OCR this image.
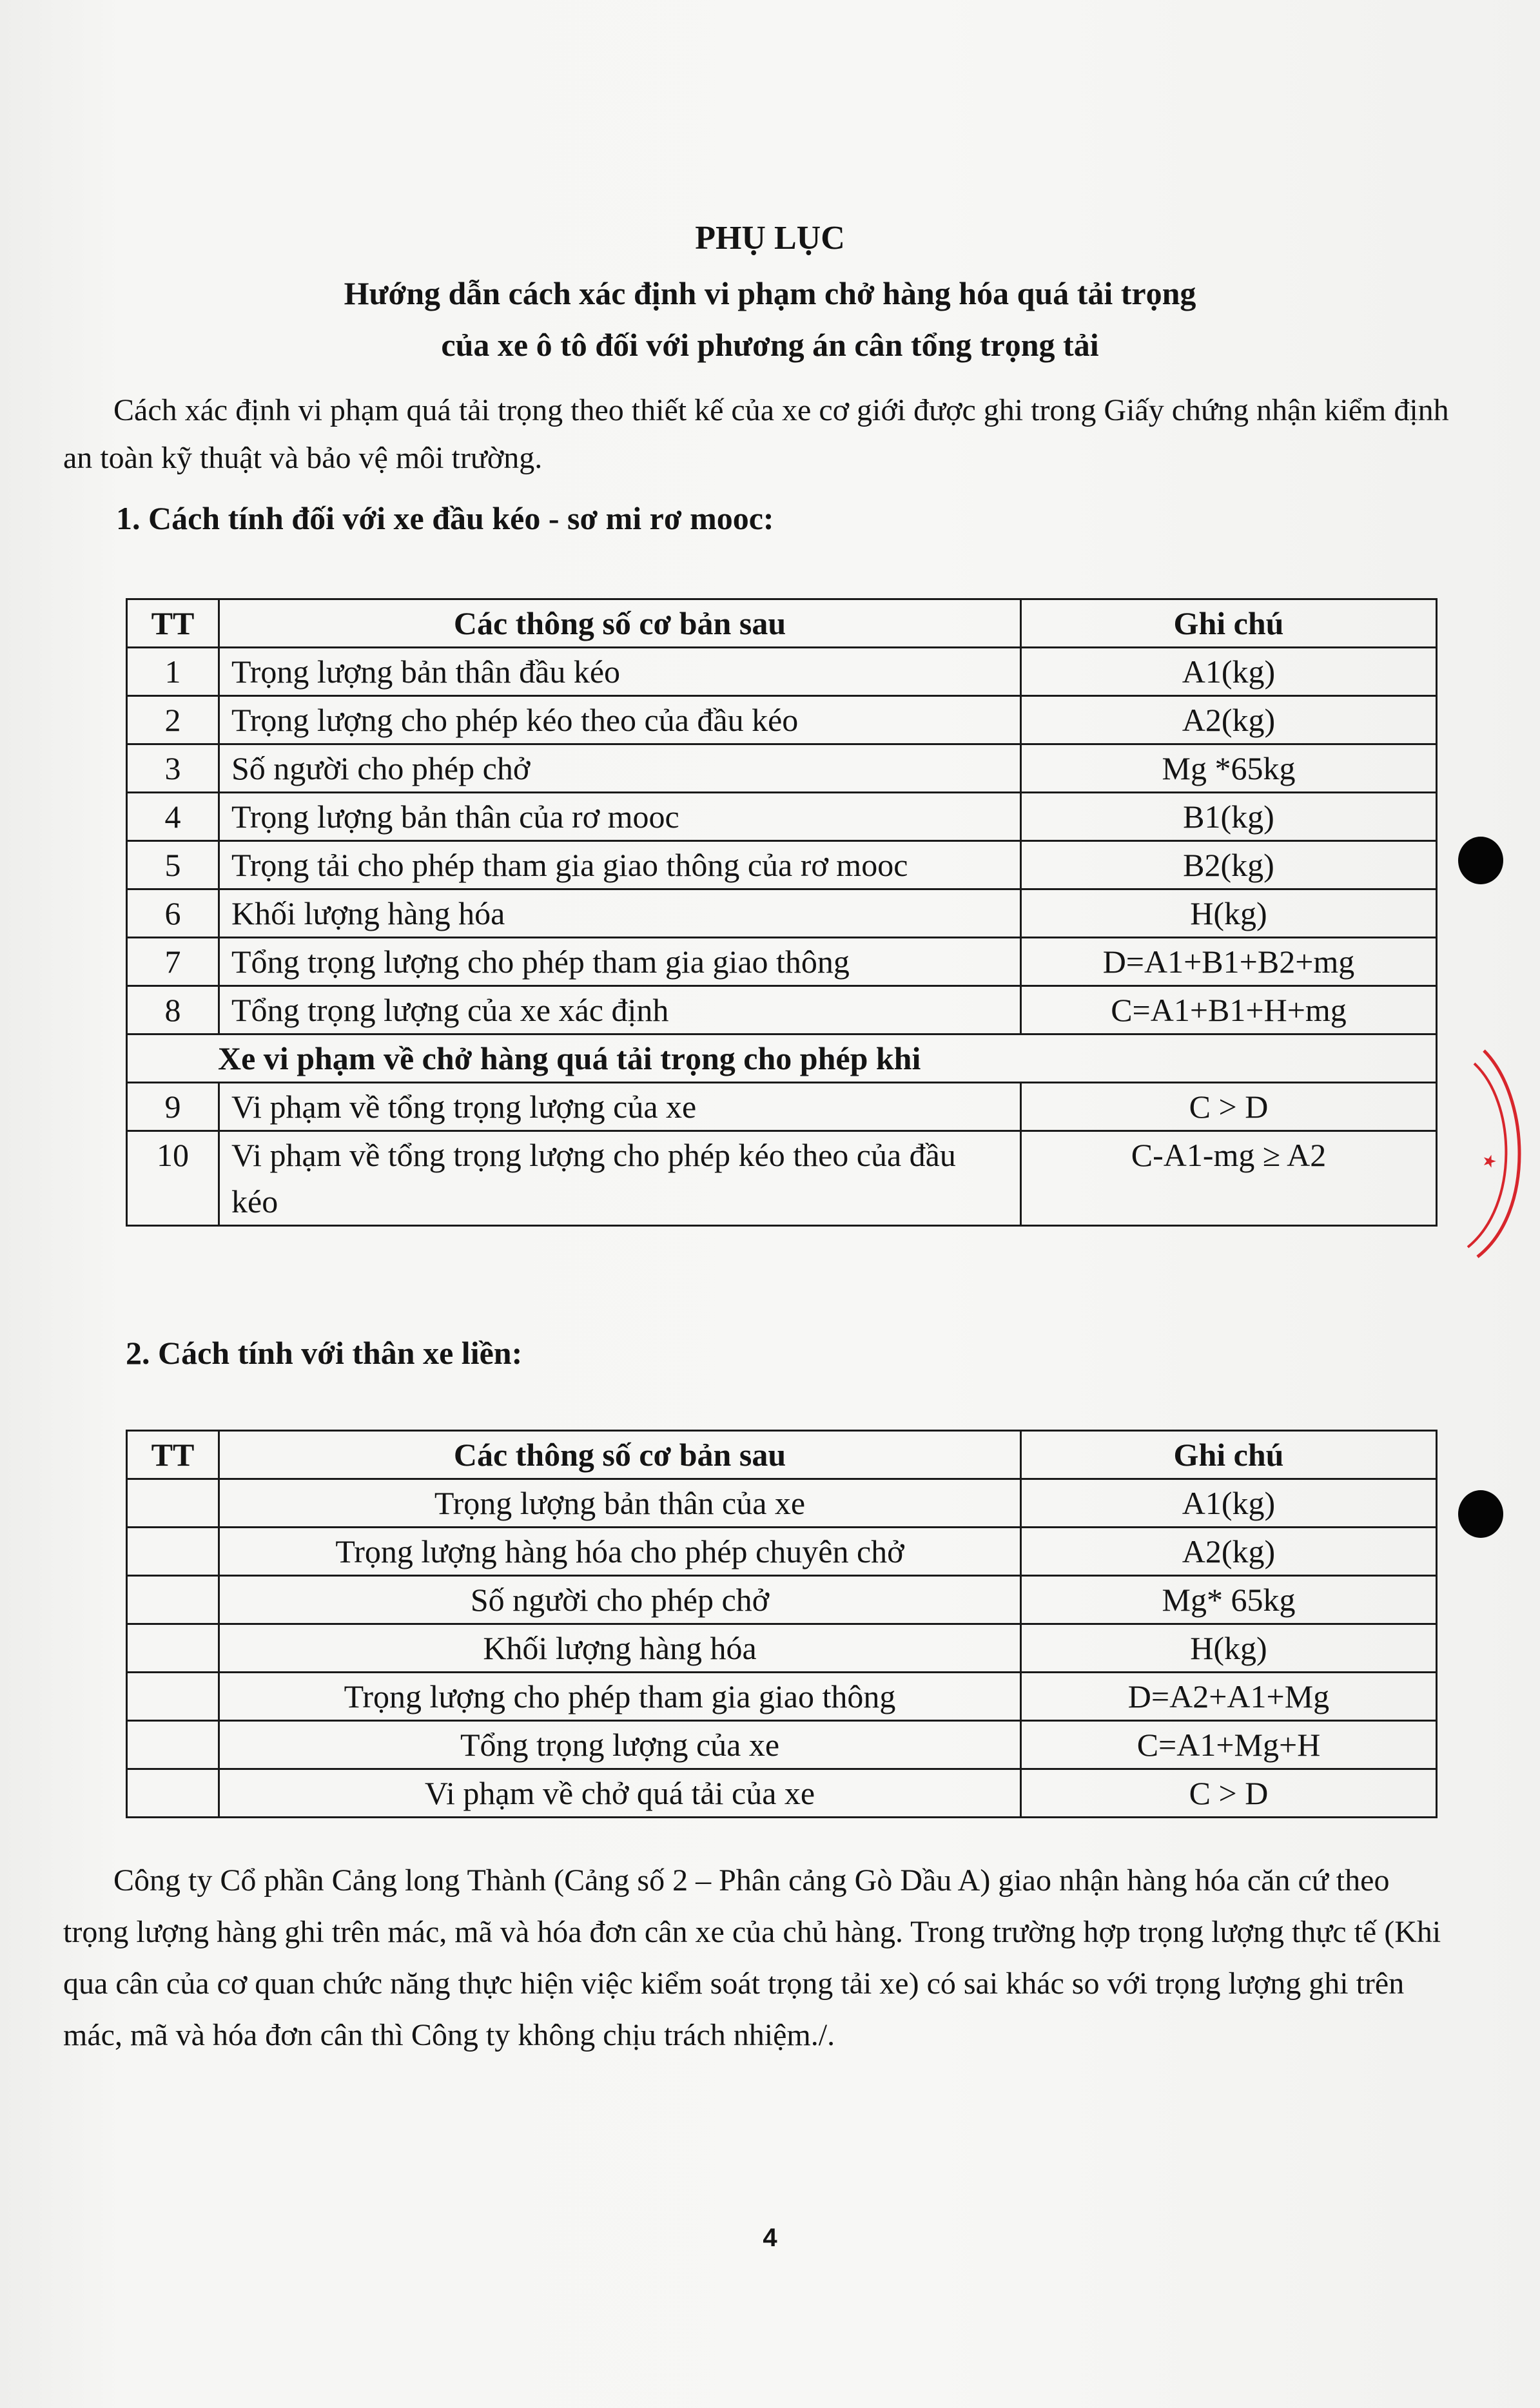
PHỤ LỤC
Hướng dẫn cách xác định vi phạm chở hàng hóa quá tải trọng
của xe ô tô đối với phương án cân tổng trọng tải
Cách xác định vi phạm quá tải trọng theo thiết kế của xe cơ giới được ghi trong Giấy chứng nhận kiểm định an toàn kỹ thuật và bảo vệ môi trường.
1. Cách tính đối với xe đầu kéo - sơ mi rơ mooc:
TT	Các thông số cơ bản sau	Ghi chú
1	Trọng lượng bản thân đầu kéo	A1(kg)
2	Trọng lượng cho phép kéo theo của đầu kéo	A2(kg)
3	Số người cho phép chở	Mg *65kg
4	Trọng lượng bản thân của rơ mooc	B1(kg)
5	Trọng tải cho phép tham gia giao thông của rơ mooc	B2(kg)
6	Khối lượng hàng hóa	H(kg)
7	Tổng trọng lượng cho phép tham gia giao thông	D=A1+B1+B2+mg
8	Tổng trọng lượng của xe xác định	C=A1+B1+H+mg
Xe vi phạm về chở hàng quá tải trọng cho phép khi		
9	Vi phạm về tổng trọng lượng của xe	C > D
10	Vi phạm về tổng trọng lượng cho phép kéo theo của đầu kéo	C-A1-mg ≥ A2
2. Cách tính với thân xe liền:
TT	Các thông số cơ bản sau	Ghi chú
	Trọng lượng bản thân của xe	A1(kg)
	Trọng lượng hàng hóa cho phép chuyên chở	A2(kg)
	Số người cho phép chở	Mg* 65kg
	Khối lượng hàng hóa	H(kg)
	Trọng lượng cho phép tham gia giao thông	D=A2+A1+Mg
	Tổng trọng lượng của xe	C=A1+Mg+H
	Vi phạm về chở quá tải của xe	C > D
Công ty Cổ phần Cảng long Thành (Cảng số 2 – Phân cảng Gò Dầu A) giao nhận hàng hóa căn cứ theo trọng lượng hàng ghi trên mác, mã và hóa đơn cân xe của chủ hàng. Trong trường hợp trọng lượng thực tế (Khi qua cân của cơ quan chức năng thực hiện việc kiểm soát trọng tải xe) có sai khác so với trọng lượng ghi trên mác, mã và hóa đơn cân thì Công ty không chịu trách nhiệm./.
4
★
